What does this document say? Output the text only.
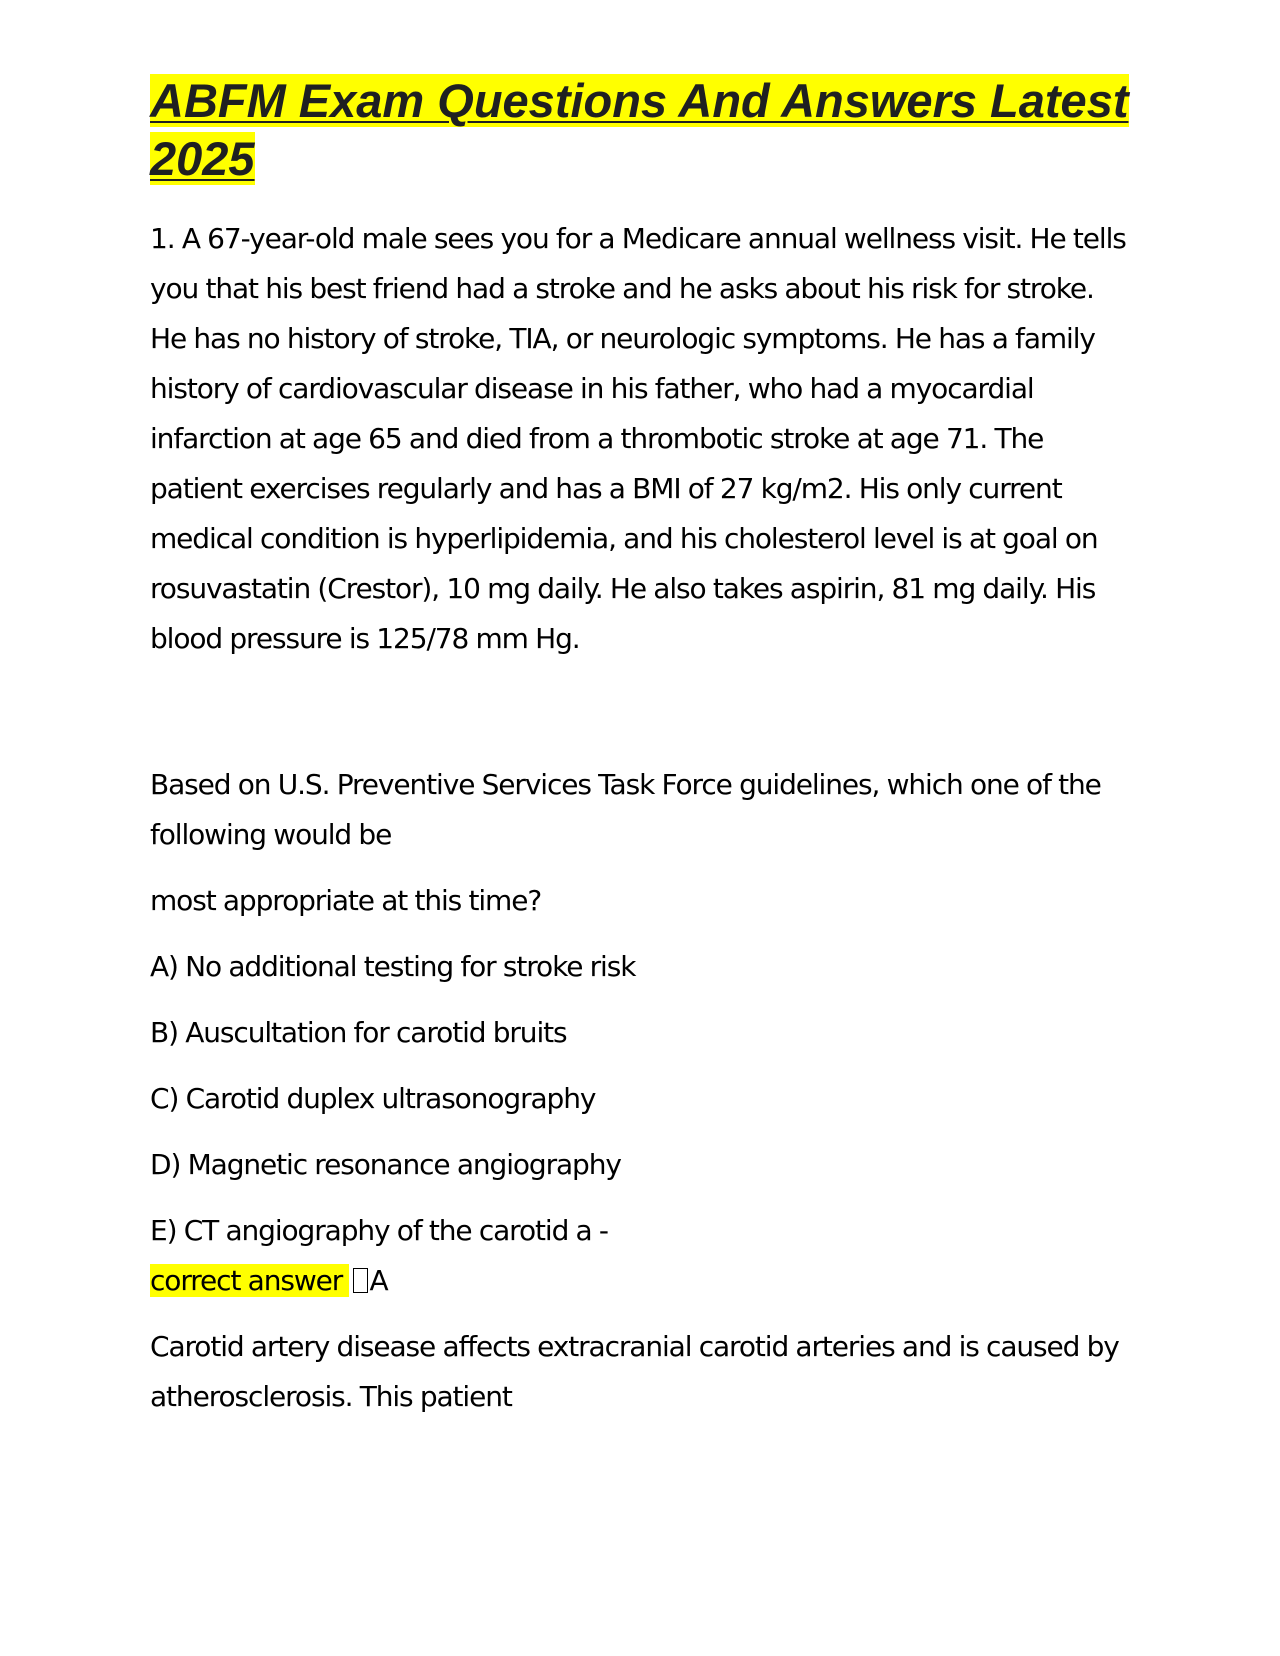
ABFM Exam Questions And Answers Latest 2025

1. A 67-year-old male sees you for a Medicare annual wellness visit. He tells you that his best friend had a stroke and he asks about his risk for stroke. He has no history of stroke, TIA, or neurologic symptoms. He has a family history of cardiovascular disease in his father, who had a myocardial infarction at age 65 and died from a thrombotic stroke at age 71. The patient exercises regularly and has a BMI of 27 kg/m2. His only current medical condition is hyperlipidemia, and his cholesterol level is at goal on rosuvastatin (Crestor), 10 mg daily. He also takes aspirin, 81 mg daily. His blood pressure is 125/78 mm Hg.

Based on U.S. Preventive Services Task Force guidelines, which one of the following would be

most appropriate at this time?

A) No additional testing for stroke risk
B) Auscultation for carotid bruits
C) Carotid duplex ultrasonography
D) Magnetic resonance angiography
E) CT angiography of the carotid a -

correct answer A

Carotid artery disease affects extracranial carotid arteries and is caused by atherosclerosis. This patient
